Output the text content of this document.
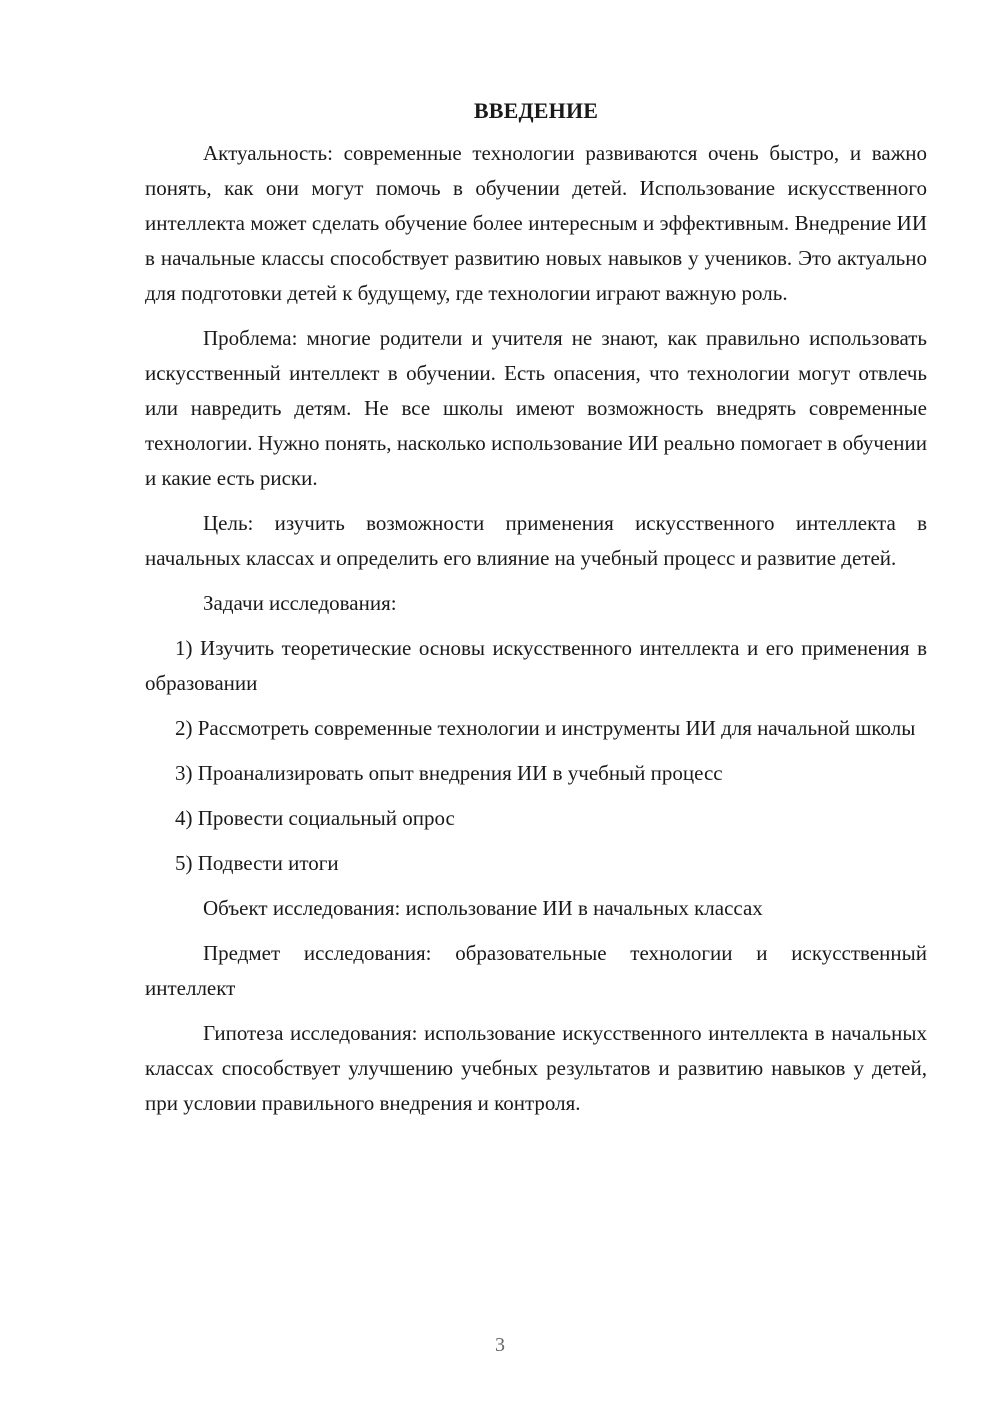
ВВЕДЕНИЕ

Актуальность: современные технологии развиваются очень быстро, и важно понять, как они могут помочь в обучении детей. Использование искусственного интеллекта может сделать обучение более интересным и эффективным. Внедрение ИИ в начальные классы способствует развитию новых навыков у учеников. Это актуально для подготовки детей к будущему, где технологии играют важную роль.

Проблема: многие родители и учителя не знают, как правильно использовать искусственный интеллект в обучении. Есть опасения, что технологии могут отвлечь или навредить детям. Не все школы имеют возможность внедрять современные технологии. Нужно понять, насколько использование ИИ реально помогает в обучении и какие есть риски.

Цель: изучить возможности применения искусственного интеллекта в начальных классах и определить его влияние на учебный процесс и развитие детей.

Задачи исследования:

1) Изучить теоретические основы искусственного интеллекта и его применения в образовании

2) Рассмотреть современные технологии и инструменты ИИ для начальной школы

3) Проанализировать опыт внедрения ИИ в учебный процесс

4) Провести социальный опрос

5) Подвести итоги

Объект исследования: использование ИИ в начальных классах

Предмет исследования: образовательные технологии и искусственный интеллект

Гипотеза исследования: использование искусственного интеллекта в начальных классах способствует улучшению учебных результатов и развитию навыков у детей, при условии правильного внедрения и контроля.

3
